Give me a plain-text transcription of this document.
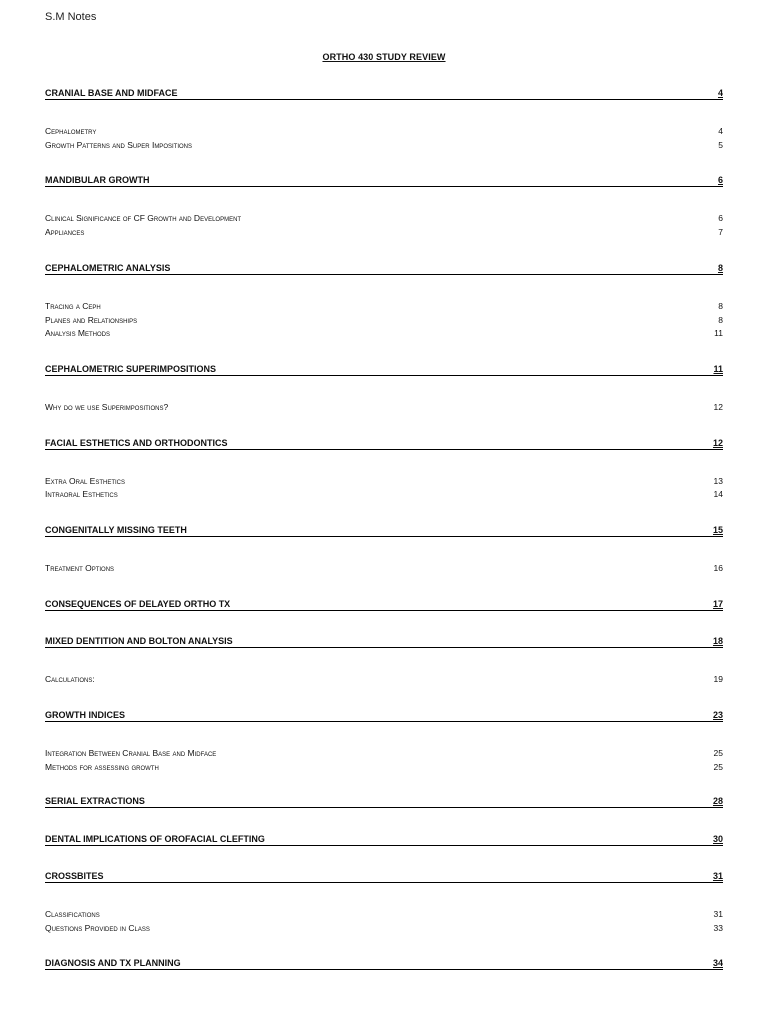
S.M Notes
ORTHO 430 STUDY REVIEW
CRANIAL BASE AND MIDFACE	4
Cephalometry	4
Growth Patterns and Super Impositions	5
MANDIBULAR GROWTH	6
Clinical Significance of CF Growth and Development	6
Appliances	7
CEPHALOMETRIC ANALYSIS	8
Tracing a Ceph	8
Planes and Relationships	8
Analysis Methods	11
CEPHALOMETRIC SUPERIMPOSITIONS	11
Why do we use Superimpositions?	12
FACIAL ESTHETICS AND ORTHODONTICS	12
Extra Oral Esthetics	13
Intraoral Esthetics	14
CONGENITALLY MISSING TEETH	15
Treatment Options	16
CONSEQUENCES OF DELAYED ORTHO TX	17
MIXED DENTITION AND BOLTON ANALYSIS	18
Calculations:	19
GROWTH INDICES	23
Integration Between Cranial Base and Midface	25
Methods for assessing growth	25
SERIAL EXTRACTIONS	28
DENTAL IMPLICATIONS OF OROFACIAL CLEFTING	30
CROSSBITES	31
Classifications	31
Questions Provided in Class	33
DIAGNOSIS AND TX PLANNING	34
